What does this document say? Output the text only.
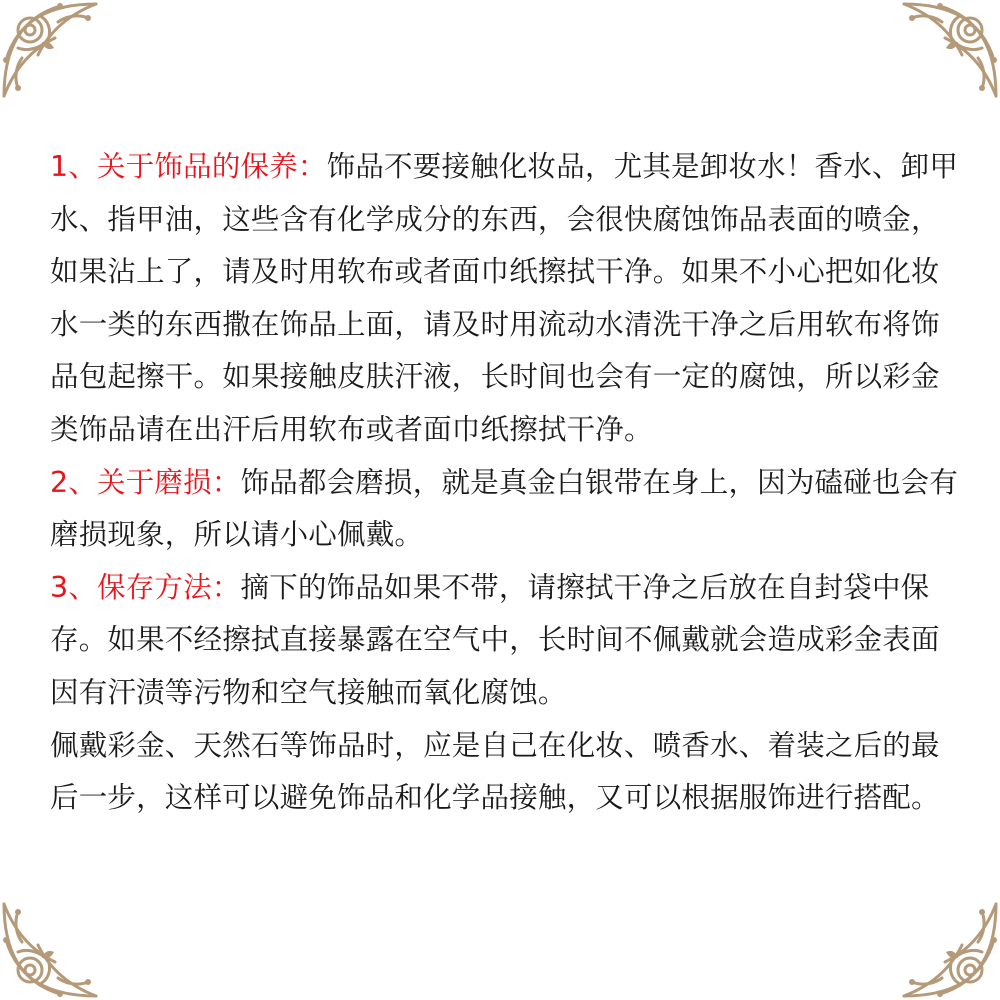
1、关于饰品的保养：饰品不要接触化妆品，尤其是卸妆水！香水、卸甲水、指甲油，这些含有化学成分的东西，会很快腐蚀饰品表面的喷金，如果沾上了，请及时用软布或者面巾纸擦拭干净。如果不小心把如化妆水一类的东西撒在饰品上面，请及时用流动水清洗干净之后用软布将饰品包起擦干。如果接触皮肤汗液，长时间也会有一定的腐蚀，所以彩金类饰品请在出汗后用软布或者面巾纸擦拭干净。

2、关于磨损：饰品都会磨损，就是真金白银带在身上，因为磕碰也会有磨损现象，所以请小心佩戴。

3、保存方法：摘下的饰品如果不带，请擦拭干净之后放在自封袋中保存。如果不经擦拭直接暴露在空气中，长时间不佩戴就会造成彩金表面因有汗渍等污物和空气接触而氧化腐蚀。

佩戴彩金、天然石等饰品时，应是自己在化妆、喷香水、着装之后的最后一步，这样可以避免饰品和化学品接触，又可以根据服饰进行搭配。
